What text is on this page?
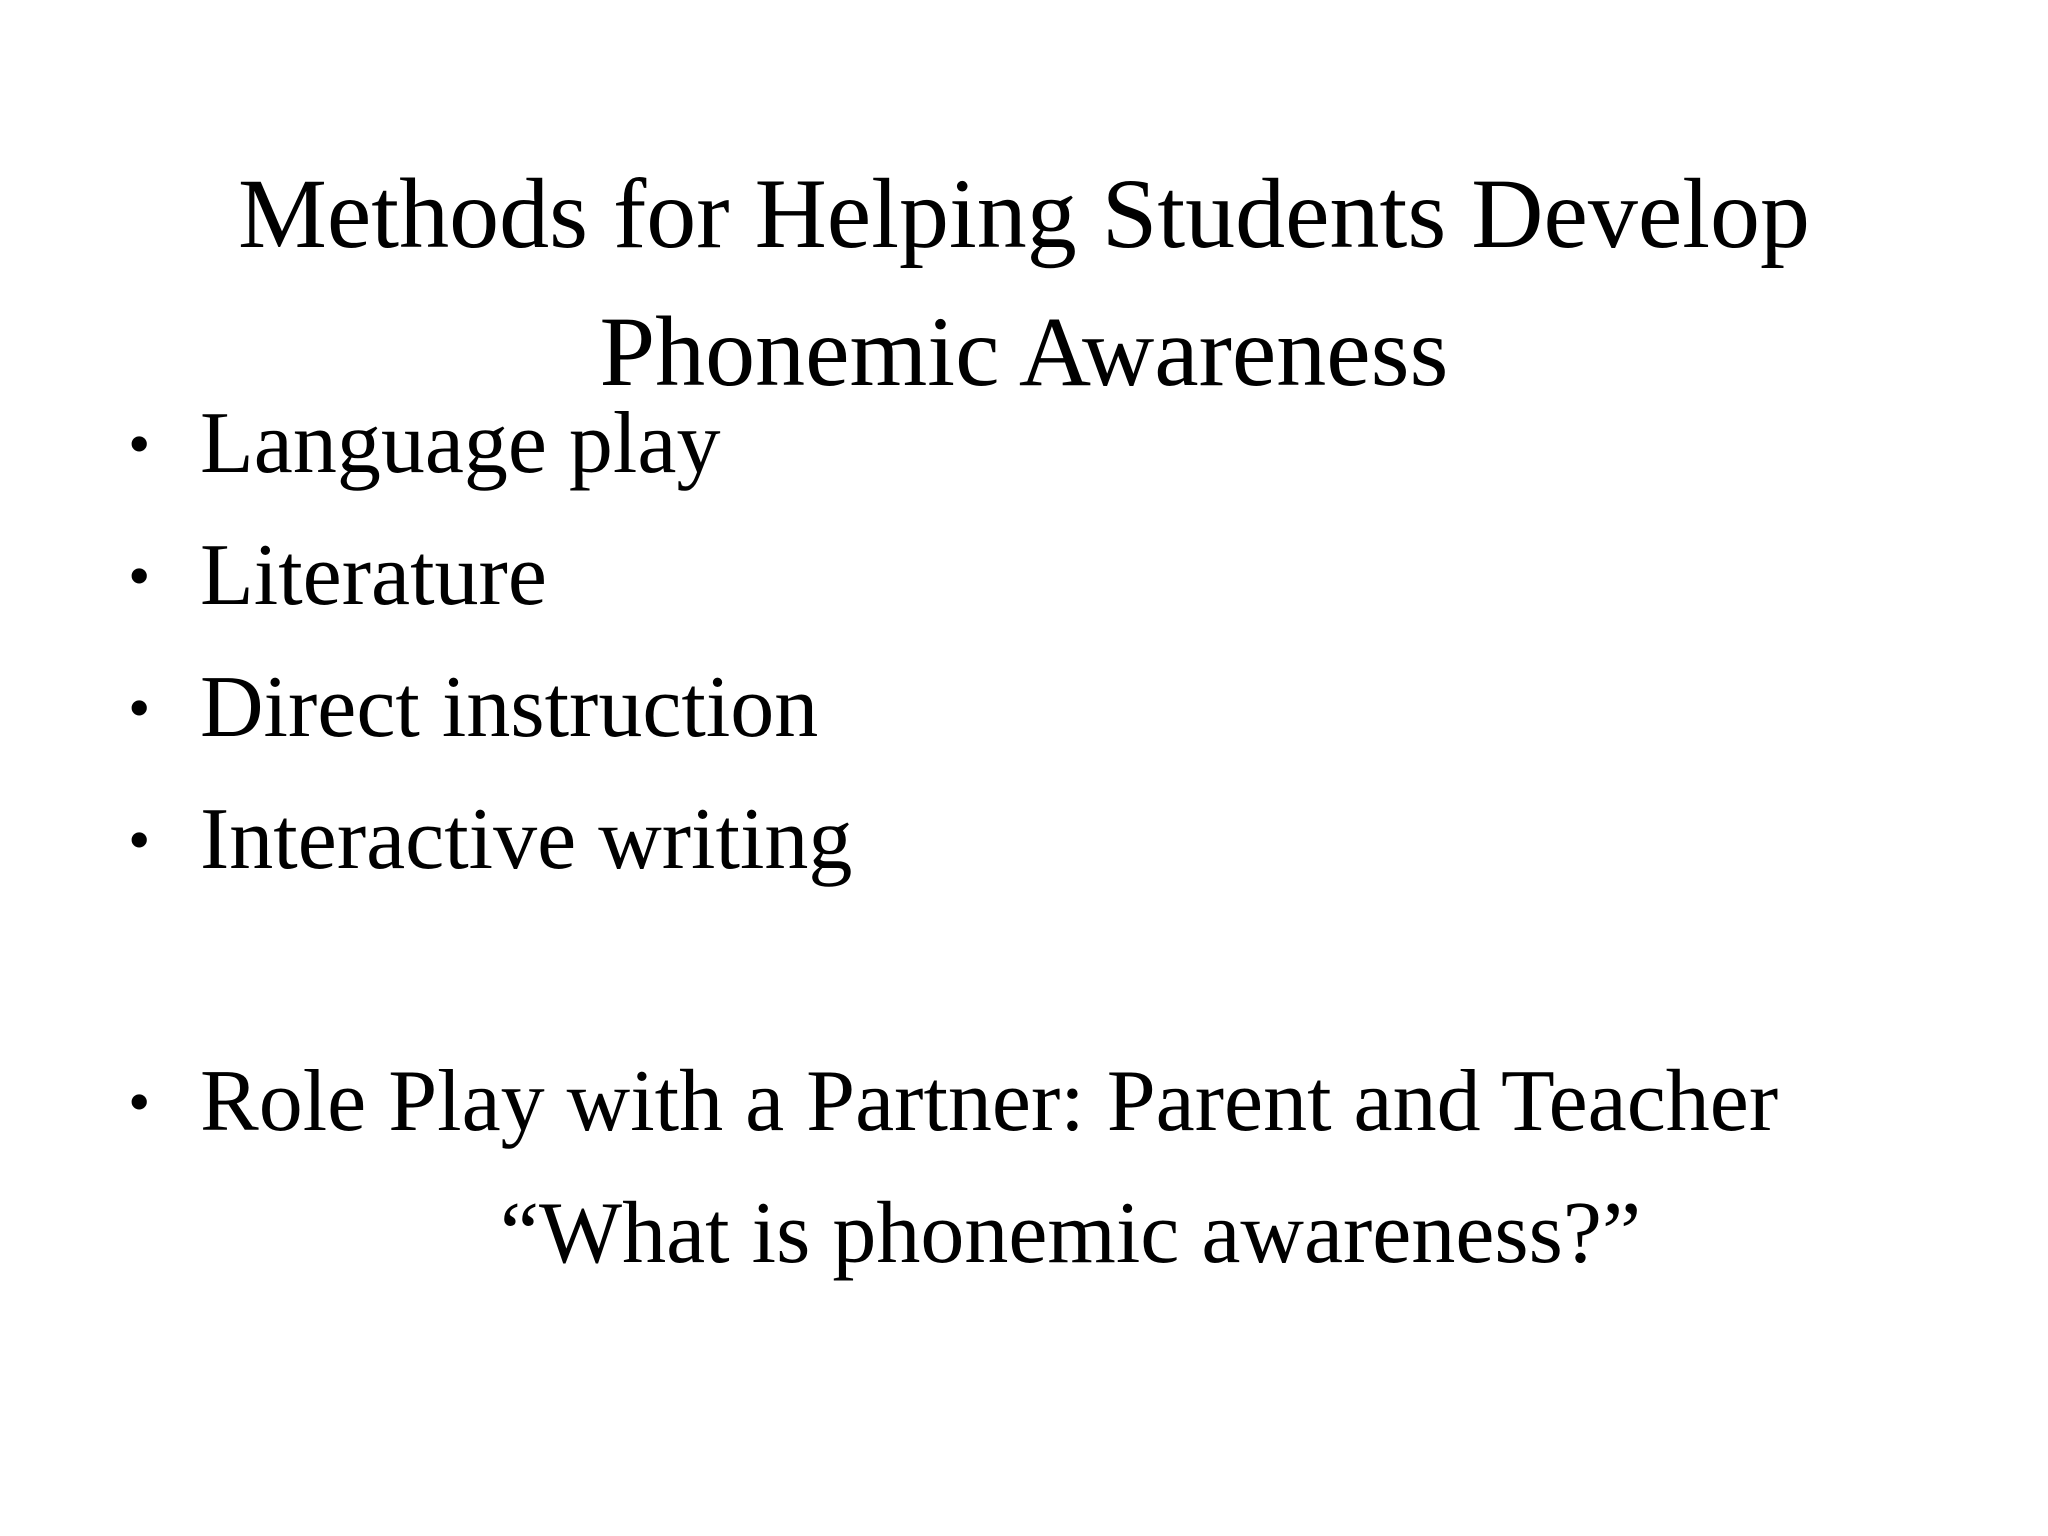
Methods for Helping Students Develop
Phonemic Awareness
• Language play
• Literature
• Direct instruction
• Interactive writing
• Role Play with a Partner: Parent and Teacher
“What is phonemic awareness?”
